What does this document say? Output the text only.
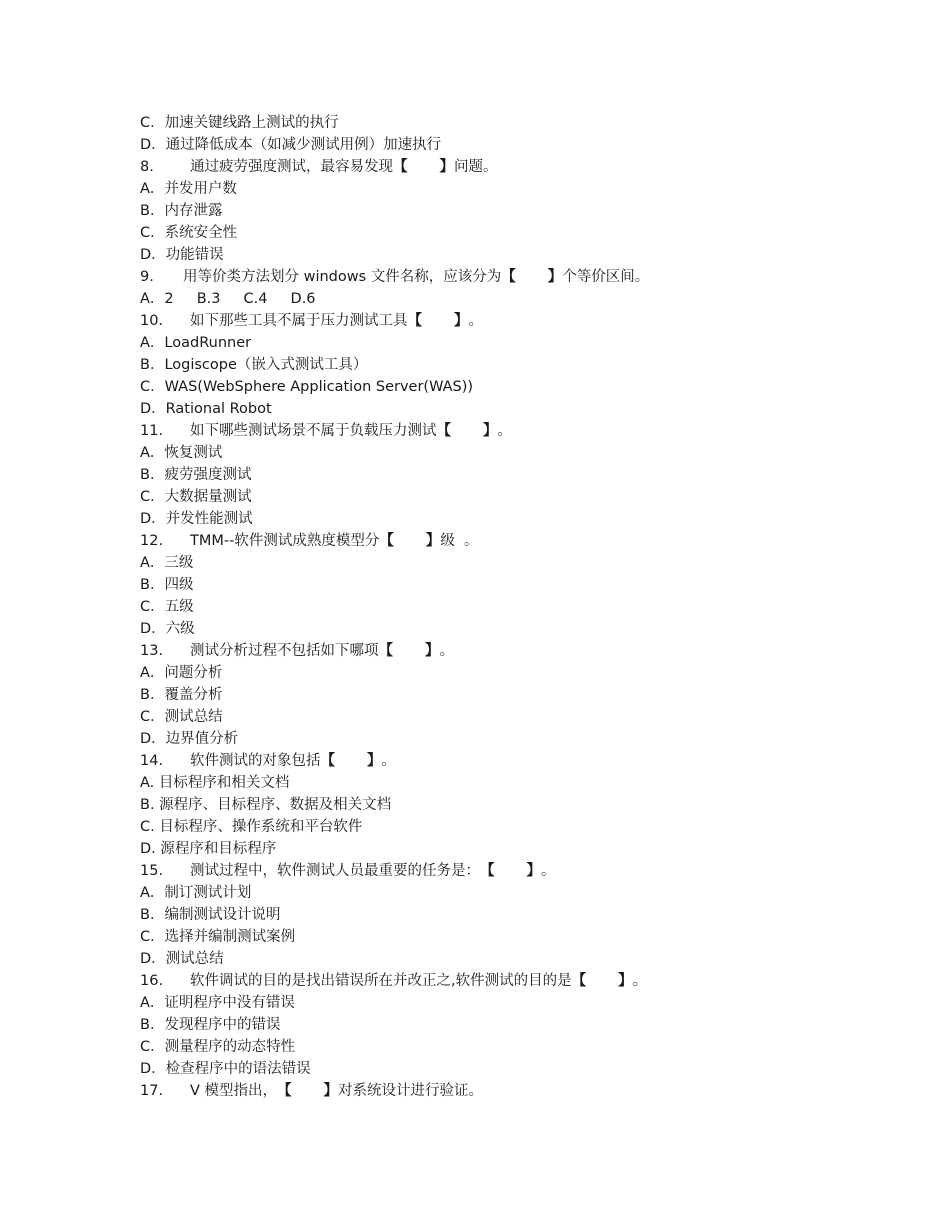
C．加速关键线路上测试的执行
D．通过降低成本（如减少测试用例）加速执行
8.	通过疲劳强度测试，最容易发现 【 】 问题。
A．并发用户数
B．内存泄露
C．系统安全性
D．功能错误
9.	用等价类方法划分 windows 文件名称，应该分为 【 】 个等价区间。
A．2     B.3     C.4     D.6
10.	如下那些工具不属于压力测试工具 【 】 。
A．LoadRunner
B．Logiscope（嵌入式测试工具）
C．WAS(WebSphere Application Server(WAS))
D．Rational Robot
11.	如下哪些测试场景不属于负载压力测试 【 】 。
A．恢复测试
B．疲劳强度测试
C．大数据量测试
D．并发性能测试
12.	TMM--软件测试成熟度模型分 【 】 级  。
A．三级
B．四级
C．五级
D．六级
13.	测试分析过程不包括如下哪项 【 】 。
A．问题分析
B．覆盖分析
C．测试总结
D．边界值分析
14.	软件测试的对象包括 【 】 。
A. 目标程序和相关文档
B. 源程序、目标程序、数据及相关文档
C. 目标程序、操作系统和平台软件
D. 源程序和目标程序
15.	测试过程中，软件测试人员最重要的任务是： 【 】 。
A．制订测试计划
B．编制测试设计说明
C．选择并编制测试案例
D．测试总结
16.	软件调试的目的是找出错误所在并改正之,软件测试的目的是 【 】 。
A．证明程序中没有错误
B．发现程序中的错误
C．测量程序的动态特性
D．检查程序中的语法错误
17.	V 模型指出， 【 】 对系统设计进行验证。
